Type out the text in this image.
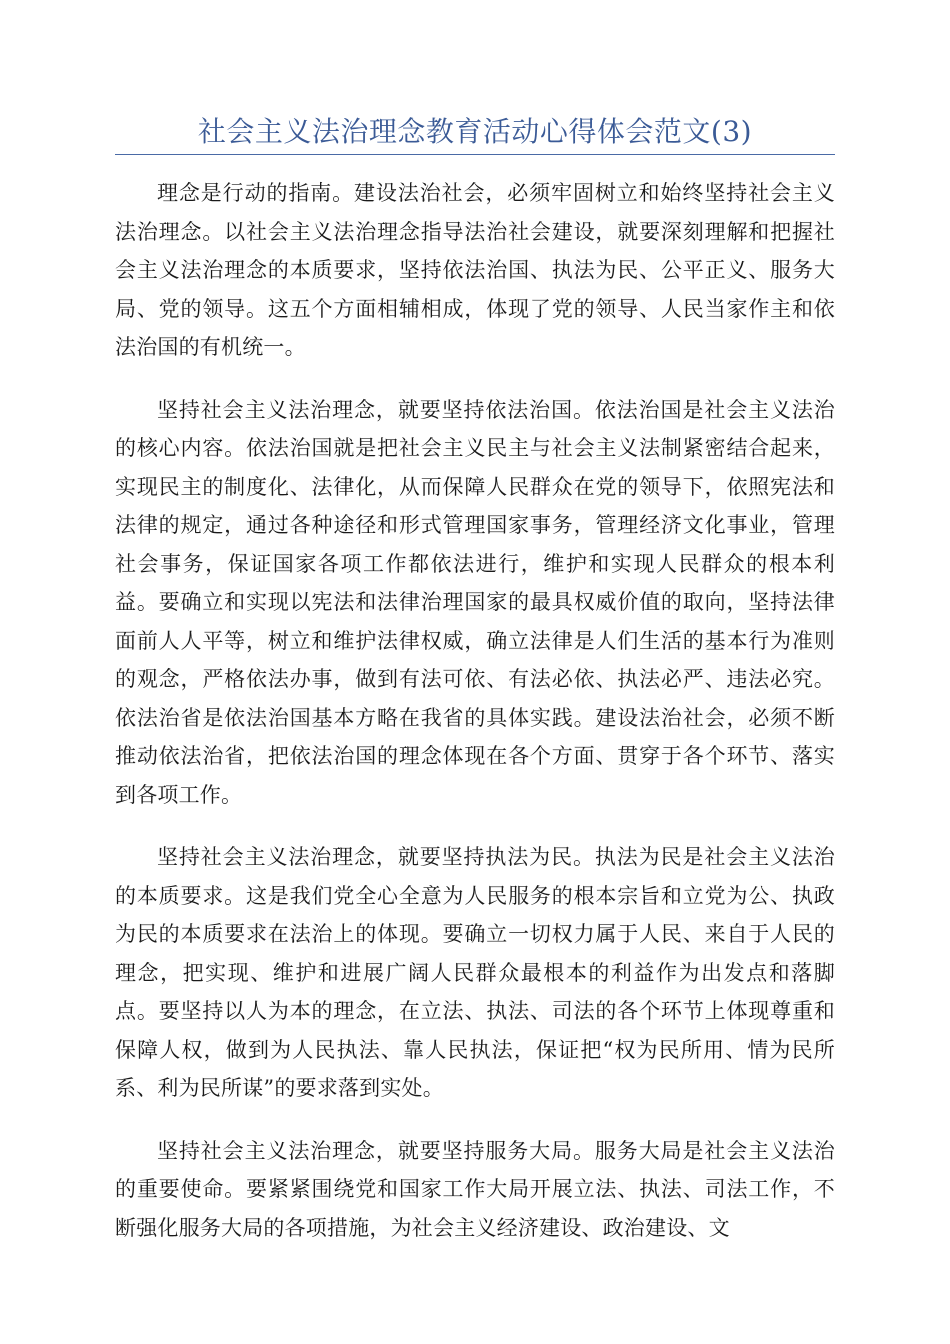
社会主义法治理念教育活动心得体会范文(3)

理念是行动的指南。建设法治社会，必须牢固树立和始终坚持社会主义法治理念。以社会主义法治理念指导法治社会建设，就要深刻理解和把握社会主义法治理念的本质要求，坚持依法治国、执法为民、公平正义、服务大局、党的领导。这五个方面相辅相成，体现了党的领导、人民当家作主和依法治国的有机统一。

坚持社会主义法治理念，就要坚持依法治国。依法治国是社会主义法治的核心内容。依法治国就是把社会主义民主与社会主义法制紧密结合起来，实现民主的制度化、法律化，从而保障人民群众在党的领导下，依照宪法和法律的规定，通过各种途径和形式管理国家事务，管理经济文化事业，管理社会事务，保证国家各项工作都依法进行，维护和实现人民群众的根本利益。要确立和实现以宪法和法律治理国家的最具权威价值的取向，坚持法律面前人人平等，树立和维护法律权威，确立法律是人们生活的基本行为准则的观念，严格依法办事，做到有法可依、有法必依、执法必严、违法必究。依法治省是依法治国基本方略在我省的具体实践。建设法治社会，必须不断推动依法治省，把依法治国的理念体现在各个方面、贯穿于各个环节、落实到各项工作。

坚持社会主义法治理念，就要坚持执法为民。执法为民是社会主义法治的本质要求。这是我们党全心全意为人民服务的根本宗旨和立党为公、执政为民的本质要求在法治上的体现。要确立一切权力属于人民、来自于人民的理念，把实现、维护和进展广阔人民群众最根本的利益作为出发点和落脚点。要坚持以人为本的理念，在立法、执法、司法的各个环节上体现尊重和保障人权，做到为人民执法、靠人民执法，保证把“权为民所用、情为民所系、利为民所谋”的要求落到实处。

坚持社会主义法治理念，就要坚持服务大局。服务大局是社会主义法治的重要使命。要紧紧围绕党和国家工作大局开展立法、执法、司法工作，不断强化服务大局的各项措施，为社会主义经济建设、政治建设、文
